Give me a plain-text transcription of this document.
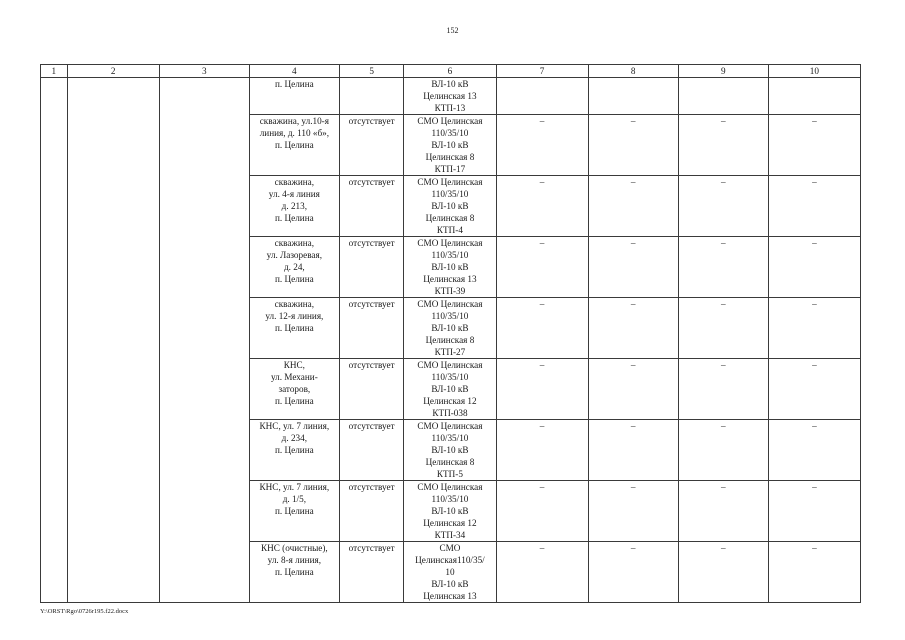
152
1	2	3	4	5	6	7	8	9	10

			п. Целина		ВЛ-10 кВ
Целинская 13
КТП-13				

			скважина, ул.10-я
линия, д. 110 «б»,
п. Целина	отсутствует	СМО Целинская
110/35/10
ВЛ-10 кВ
Целинская 8
КТП-17	–	–	–	–

			скважина,
ул. 4-я линия
д. 213,
п. Целина	отсутствует	СМО Целинская
110/35/10
ВЛ-10 кВ
Целинская 8
КТП-4	–	–	–	–

			скважина,
ул. Лазоревая,
д. 24,
п. Целина	отсутствует	СМО Целинская
110/35/10
ВЛ-10 кВ
Целинская 13
КТП-39	–	–	–	–

			скважина,
ул. 12-я линия,
п. Целина	отсутствует	СМО Целинская
110/35/10
ВЛ-10 кВ
Целинская 8
КТП-27	–	–	–	–

			КНС,
ул. Механи-
заторов,
п. Целина	отсутствует	СМО Целинская
110/35/10
ВЛ-10 кВ
Целинская 12
КТП-038	–	–	–	–

			КНС, ул. 7 линия,
д. 234,
п. Целина	отсутствует	СМО Целинская
110/35/10
ВЛ-10 кВ
Целинская 8
КТП-5	–	–	–	–

			КНС, ул. 7 линия,
д. 1/5,
п. Целина	отсутствует	СМО Целинская
110/35/10
ВЛ-10 кВ
Целинская 12
КТП-34	–	–	–	–

			КНС (очистные),
ул. 8-я линия,
п. Целина	отсутствует	СМО
Целинская110/35/
10
ВЛ-10 кВ
Целинская 13	–	–	–	–
Y:\ORST\Rgo\0726r195.f22.docx
